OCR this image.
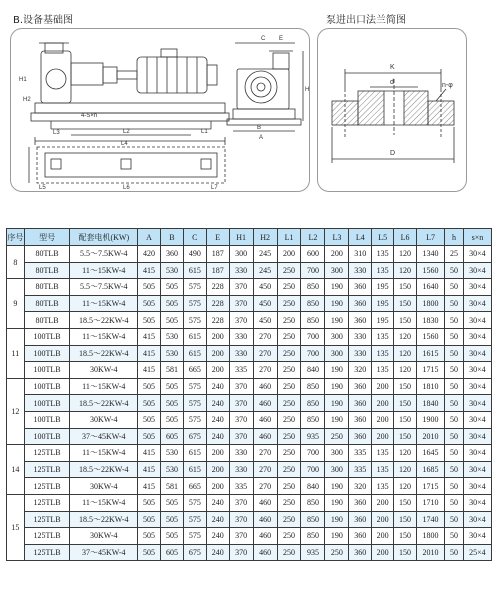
B.设备基础图	泵进出口法兰简图
H1
H2
E
H
L3	L2	L1
L4
L5	L6	L7
4-S×n
C
B
A
K
d	n-φ
D
序号	型号	配套电机(KW)	A	B	C	E	H1	H2	L1	L2	L3	L4	L5	L6	L7	h	s×n
8	80TLB	5.5～7.5KW-4	420	360	490	187	300	245	200	600	200	310	135	120	1340	25	30×4
	80TLB	11～15KW-4	415	530	615	187	330	245	250	700	300	330	135	120	1560	50	30×4
9	80TLB	5.5～7.5KW-4	505	505	575	228	370	450	250	850	190	360	195	150	1640	50	30×4
	80TLB	11～15KW-4	505	505	575	228	370	450	250	850	190	360	195	150	1800	50	30×4
	80TLB	18.5～22KW-4	505	505	575	228	370	450	250	850	190	360	195	150	1830	50	30×4
11	100TLB	11～15KW-4	415	530	615	200	330	270	250	700	300	330	135	120	1560	50	30×4
	100TLB	18.5～22KW-4	415	530	615	200	330	270	250	700	300	330	135	120	1615	50	30×4
	100TLB	30KW-4	415	581	665	200	335	270	250	840	190	320	135	120	1715	50	30×4
12	100TLB	11～15KW-4	505	505	575	240	370	460	250	850	190	360	200	150	1810	50	30×4
	100TLB	18.5～22KW-4	505	505	575	240	370	460	250	850	190	360	200	150	1840	50	30×4
	100TLB	30KW-4	505	505	575	240	370	460	250	850	190	360	200	150	1900	50	30×4
	100TLB	37～45KW-4	505	605	675	240	370	460	250	935	250	360	200	150	2010	50	30×4
14	125TLB	11～15KW-4	415	530	615	200	330	270	250	700	300	335	135	120	1645	50	30×4
	125TLB	18.5～22KW-4	415	530	615	200	330	270	250	700	300	335	135	120	1685	50	30×4
	125TLB	30KW-4	415	581	665	200	335	270	250	840	190	320	135	120	1715	50	30×4
15	125TLB	11～15KW-4	505	505	575	240	370	460	250	850	190	360	200	150	1710	50	30×4
	125TLB	18.5～22KW-4	505	505	575	240	370	460	250	850	190	360	200	150	1740	50	30×4
	125TLB	30KW-4	505	505	575	240	370	460	250	850	190	360	200	150	1800	50	30×4
	125TLB	37～45KW-4	505	605	675	240	370	460	250	935	250	360	200	150	2010	50	25×4
